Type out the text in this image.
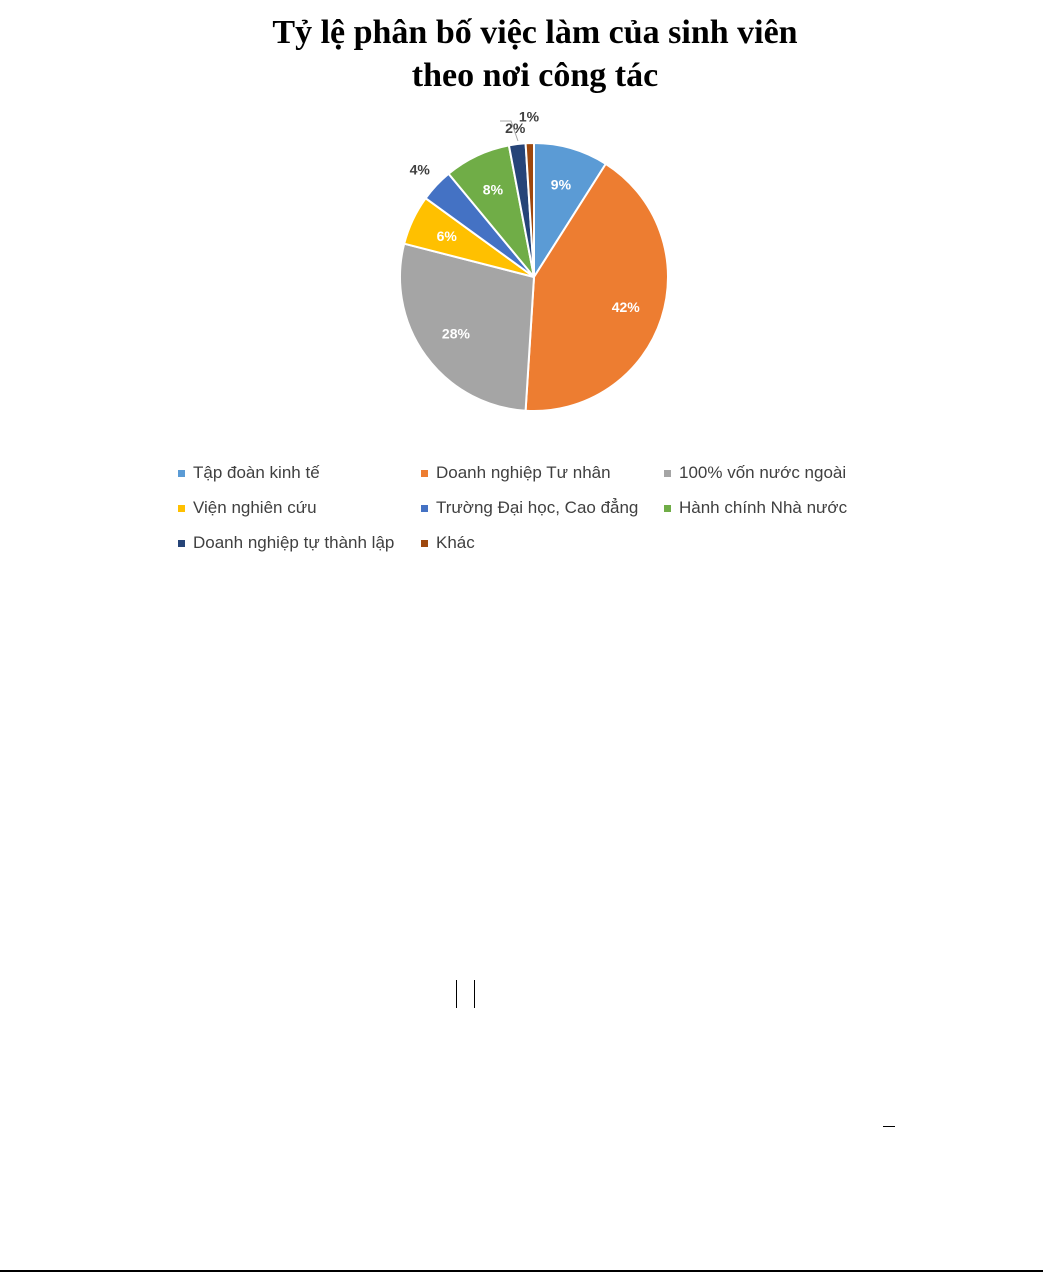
Tỷ lệ phân bố việc làm của sinh viên
theo nơi công tác
9%
42%
28%
6%
4%
8%
2%
1%
Tập đoàn kinh tế	Doanh nghiệp Tư nhân	100% vốn nước ngoài
Viện nghiên cứu	Trường Đại học, Cao đẳng Hành chính Nhà nước
Doanh nghiệp tự thành lập Khác
